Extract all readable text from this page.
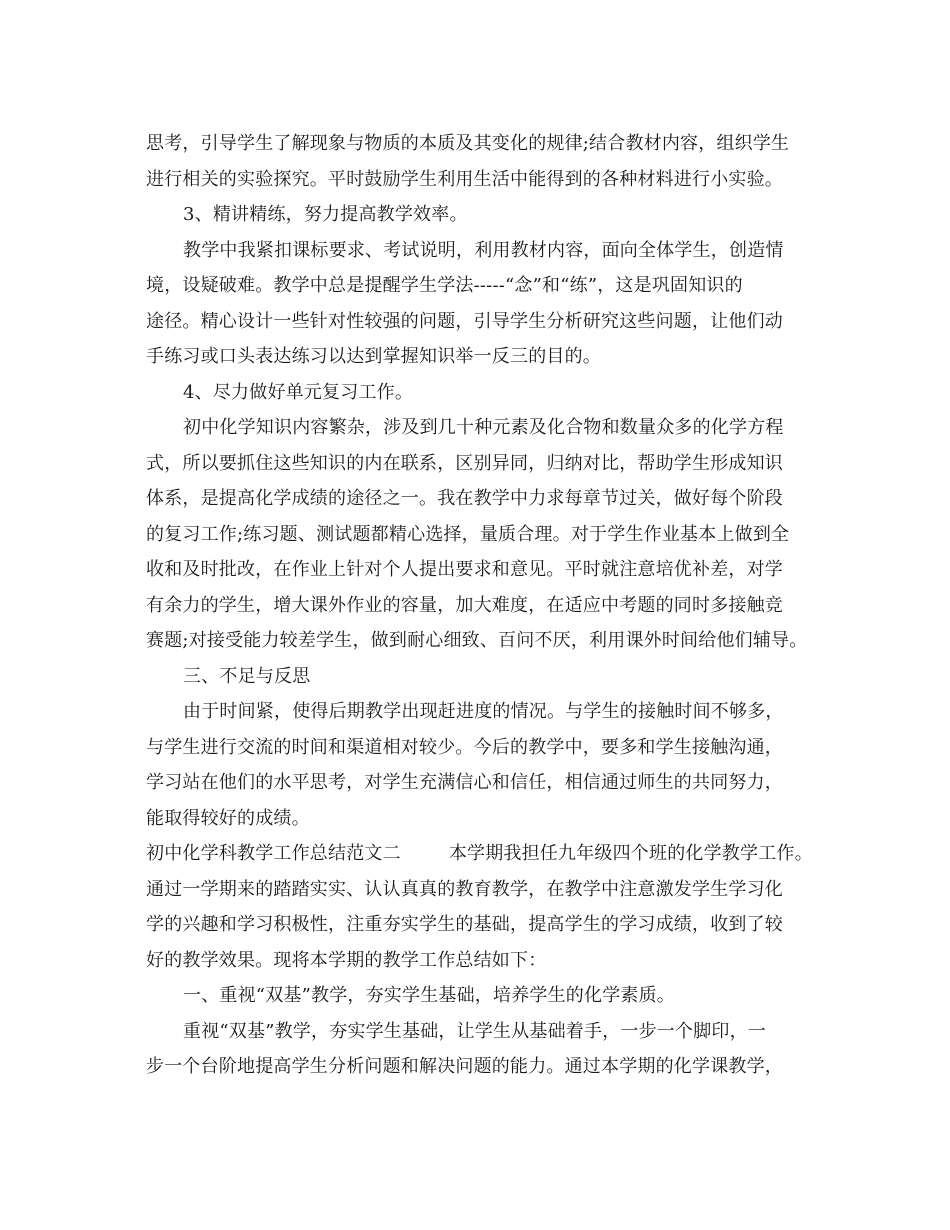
思考，引导学生了解现象与物质的本质及其变化的规律;结合教材内容，组织学生
进行相关的实验探究。平时鼓励学生利用生活中能得到的各种材料进行小实验。
3、精讲精练，努力提高教学效率。
教学中我紧扣课标要求、考试说明，利用教材内容，面向全体学生，创造情
境，设疑破难。教学中总是提醒学生学法-----“念”和“练”，这是巩固知识的
途径。精心设计一些针对性较强的问题，引导学生分析研究这些问题，让他们动
手练习或口头表达练习以达到掌握知识举一反三的目的。
4、尽力做好单元复习工作。
初中化学知识内容繁杂，涉及到几十种元素及化合物和数量众多的化学方程
式，所以要抓住这些知识的内在联系，区别异同，归纳对比，帮助学生形成知识
体系，是提高化学成绩的途径之一。我在教学中力求每章节过关，做好每个阶段
的复习工作;练习题、测试题都精心选择，量质合理。对于学生作业基本上做到全
收和及时批改，在作业上针对个人提出要求和意见。平时就注意培优补差，对学
有余力的学生，增大课外作业的容量，加大难度，在适应中考题的同时多接触竞
赛题;对接受能力较差学生，做到耐心细致、百问不厌，利用课外时间给他们辅导。
三、不足与反思
由于时间紧，使得后期教学出现赶进度的情况。与学生的接触时间不够多，
与学生进行交流的时间和渠道相对较少。今后的教学中，要多和学生接触沟通，
学习站在他们的水平思考，对学生充满信心和信任，相信通过师生的共同努力，
能取得较好的成绩。
初中化学科教学工作总结范文二	本学期我担任九年级四个班的化学教学工作。
通过一学期来的踏踏实实、认认真真的教育教学，在教学中注意激发学生学习化
学的兴趣和学习积极性，注重夯实学生的基础，提高学生的学习成绩，收到了较
好的教学效果。现将本学期的教学工作总结如下：
一、重视“双基”教学，夯实学生基础，培养学生的化学素质。
重视“双基”教学，夯实学生基础，让学生从基础着手，一步一个脚印，一
步一个台阶地提高学生分析问题和解决问题的能力。通过本学期的化学课教学，
